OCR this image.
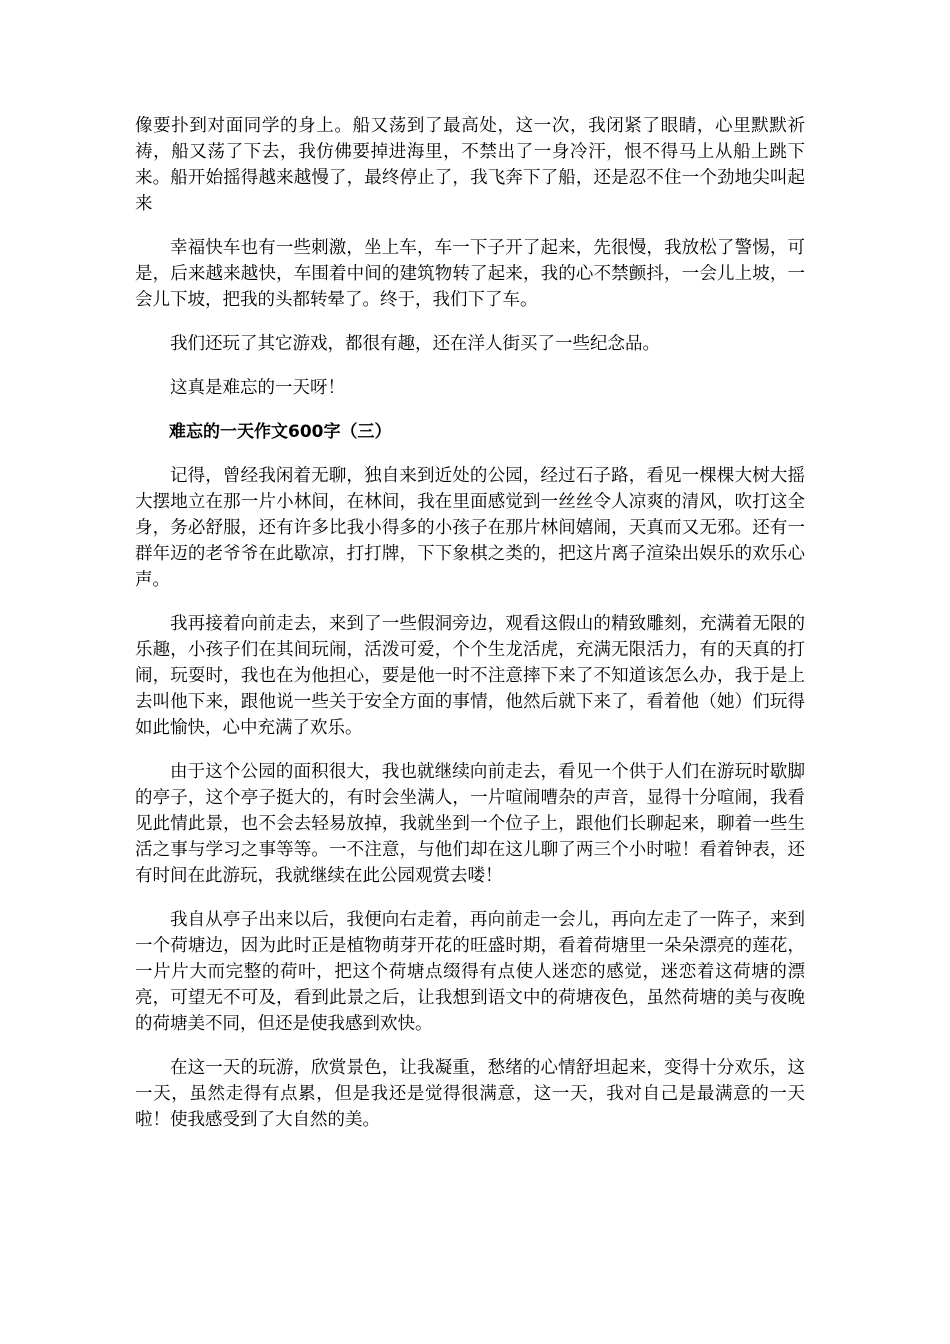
像要扑到对面同学的身上。船又荡到了最高处，这一次，我闭紧了眼睛，心里默默祈祷，船又荡了下去，我仿佛要掉进海里，不禁出了一身冷汗，恨不得马上从船上跳下来。船开始摇得越来越慢了，最终停止了，我飞奔下了船，还是忍不住一个劲地尖叫起来

幸福快车也有一些刺激，坐上车，车一下子开了起来，先很慢，我放松了警惕，可是，后来越来越快，车围着中间的建筑物转了起来，我的心不禁颤抖，一会儿上坡，一会儿下坡，把我的头都转晕了。终于，我们下了车。

我们还玩了其它游戏，都很有趣，还在洋人街买了一些纪念品。

这真是难忘的一天呀！

难忘的一天作文600字（三）

记得，曾经我闲着无聊，独自来到近处的公园，经过石子路，看见一棵棵大树大摇大摆地立在那一片小林间，在林间，我在里面感觉到一丝丝令人凉爽的清风，吹打这全身，务必舒服，还有许多比我小得多的小孩子在那片林间嬉闹，天真而又无邪。还有一群年迈的老爷爷在此歇凉，打打牌，下下象棋之类的，把这片离子渲染出娱乐的欢乐心声。

我再接着向前走去，来到了一些假洞旁边，观看这假山的精致雕刻，充满着无限的乐趣，小孩子们在其间玩闹，活泼可爱，个个生龙活虎，充满无限活力，有的天真的打闹，玩耍时，我也在为他担心，要是他一时不注意摔下来了不知道该怎么办，我于是上去叫他下来，跟他说一些关于安全方面的事情，他然后就下来了，看着他（她）们玩得如此愉快，心中充满了欢乐。

由于这个公园的面积很大，我也就继续向前走去，看见一个供于人们在游玩时歇脚的亭子，这个亭子挺大的，有时会坐满人，一片喧闹嘈杂的声音，显得十分喧闹，我看见此情此景，也不会去轻易放掉，我就坐到一个位子上，跟他们长聊起来，聊着一些生活之事与学习之事等等。一不注意，与他们却在这儿聊了两三个小时啦！看着钟表，还有时间在此游玩，我就继续在此公园观赏去喽！

我自从亭子出来以后，我便向右走着，再向前走一会儿，再向左走了一阵子，来到一个荷塘边，因为此时正是植物萌芽开花的旺盛时期，看着荷塘里一朵朵漂亮的莲花，一片片大而完整的荷叶，把这个荷塘点缀得有点使人迷恋的感觉，迷恋着这荷塘的漂亮，可望无不可及，看到此景之后，让我想到语文中的荷塘夜色，虽然荷塘的美与夜晚的荷塘美不同，但还是使我感到欢快。

在这一天的玩游，欣赏景色，让我凝重，愁绪的心情舒坦起来，变得十分欢乐，这一天，虽然走得有点累，但是我还是觉得很满意，这一天，我对自己是最满意的一天啦！使我感受到了大自然的美。
